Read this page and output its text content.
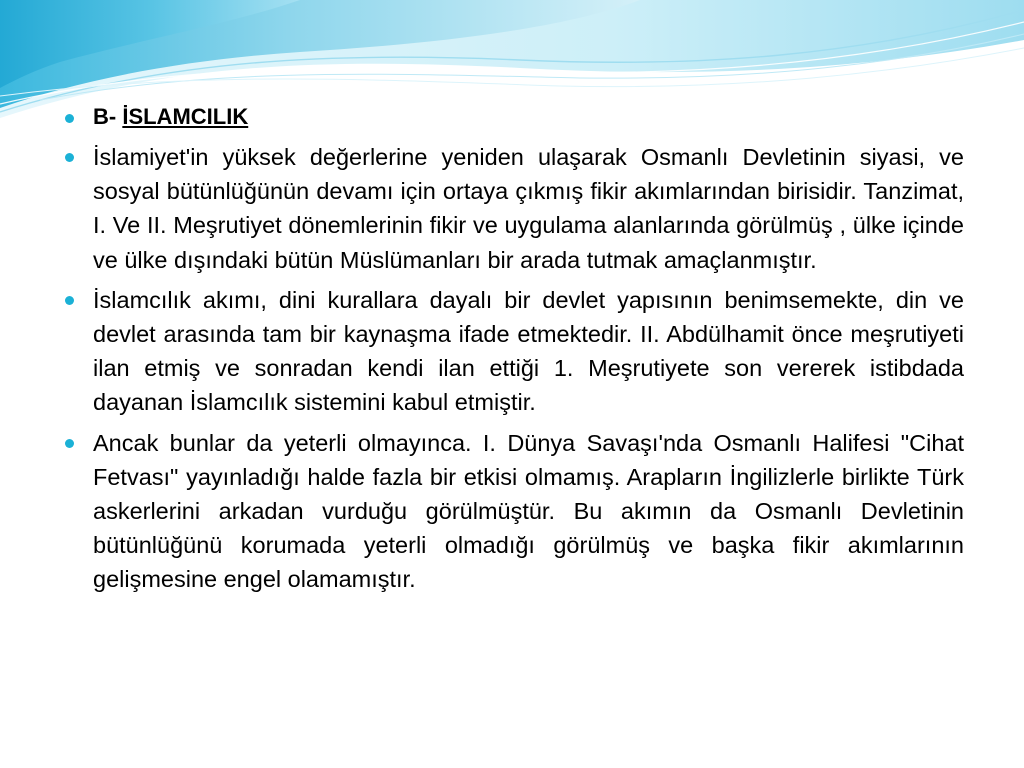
B- İSLAMCILIK

İslamiyet'in yüksek değerlerine yeniden ulaşarak Osmanlı Devletinin siyasi, ve sosyal bütünlüğünün devamı için ortaya çıkmış fikir akımlarından birisidir. Tanzimat, I. Ve II. Meşrutiyet dönemlerinin fikir ve uygulama alanlarında görülmüş , ülke içinde ve ülke dışındaki bütün Müslümanları bir arada tutmak amaçlanmıştır.

İslamcılık akımı, dini kurallara dayalı bir devlet yapısının benimsemekte, din ve devlet arasında tam bir kaynaşma ifade etmektedir. II. Abdülhamit önce meşrutiyeti ilan etmiş ve sonradan kendi ilan ettiği 1. Meşrutiyete son vererek istibdada dayanan İslamcılık sistemini kabul etmiştir.

Ancak bunlar da yeterli olmayınca. I. Dünya Savaşı'nda Osmanlı Halifesi "Cihat Fetvası" yayınladığı halde fazla bir etkisi olmamış. Arapların İngilizlerle birlikte Türk askerlerini arkadan vurduğu görülmüştür. Bu akımın da Osmanlı Devletinin bütünlüğünü korumada yeterli olmadığı görülmüş ve başka fikir akımlarının gelişmesine engel olamamıştır.
